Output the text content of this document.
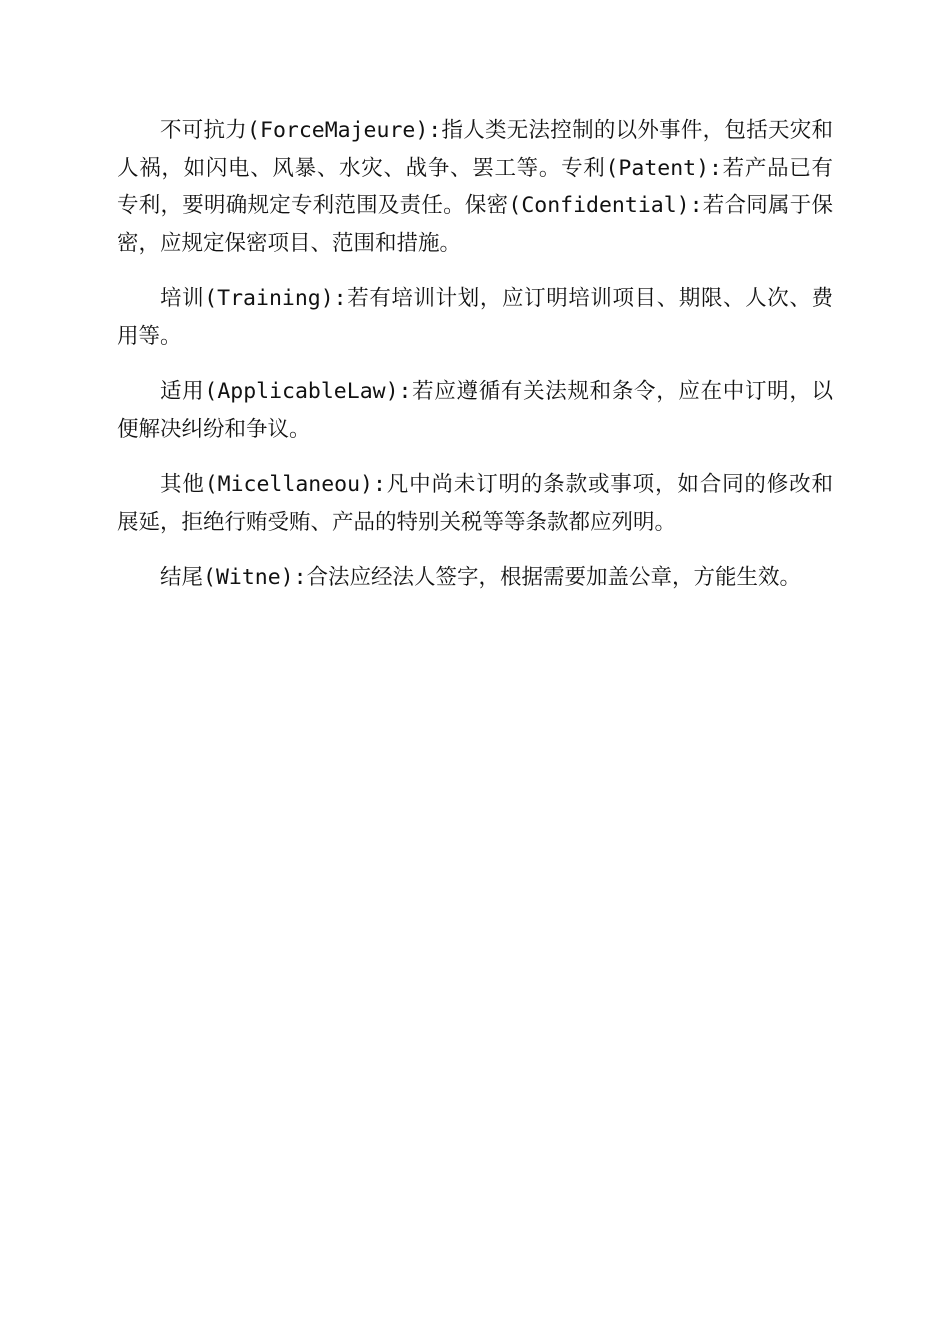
不可抗力(ForceMajeure):指人类无法控制的以外事件，包括天灾和人祸，如闪电、风暴、水灾、战争、罢工等。专利(Patent):若产品已有专利，要明确规定专利范围及责任。保密(Confidential):若合同属于保密，应规定保密项目、范围和措施。

培训(Training):若有培训计划，应订明培训项目、期限、人次、费用等。

适用(ApplicableLaw):若应遵循有关法规和条令，应在中订明，以便解决纠纷和争议。

其他(Micellaneou):凡中尚未订明的条款或事项，如合同的修改和展延，拒绝行贿受贿、产品的特别关税等等条款都应列明。

结尾(Witne):合法应经法人签字，根据需要加盖公章，方能生效。
